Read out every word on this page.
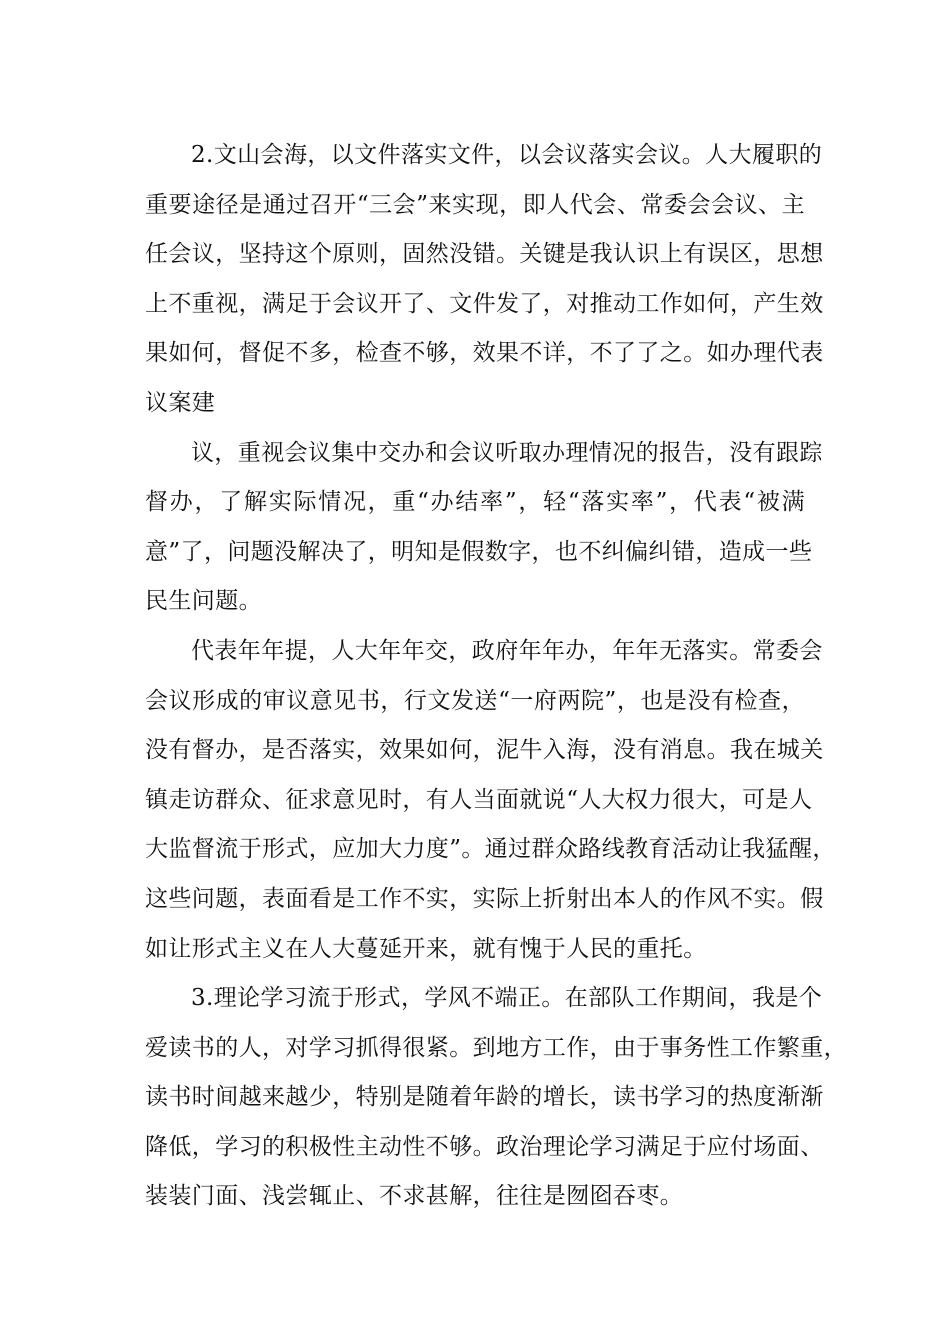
2.文山会海，以文件落实文件，以会议落实会议。人大履职的
重要途径是通过召开“三会”来实现，即人代会、常委会会议、主
任会议，坚持这个原则，固然没错。关键是我认识上有误区，思想
上不重视，满足于会议开了、文件发了，对推动工作如何，产生效
果如何，督促不多，检查不够，效果不详，不了了之。如办理代表
议案建
议，重视会议集中交办和会议听取办理情况的报告，没有跟踪
督办，了解实际情况，重“办结率”，轻“落实率”，代表“被满
意”了，问题没解决了，明知是假数字，也不纠偏纠错，造成一些
民生问题。
代表年年提，人大年年交，政府年年办，年年无落实。常委会
会议形成的审议意见书，行文发送“一府两院”，也是没有检查，
没有督办，是否落实，效果如何，泥牛入海，没有消息。我在城关
镇走访群众、征求意见时，有人当面就说“人大权力很大，可是人
大监督流于形式，应加大力度”。通过群众路线教育活动让我猛醒，
这些问题，表面看是工作不实，实际上折射出本人的作风不实。假
如让形式主义在人大蔓延开来，就有愧于人民的重托。
3.理论学习流于形式，学风不端正。在部队工作期间，我是个
爱读书的人，对学习抓得很紧。到地方工作，由于事务性工作繁重，
读书时间越来越少，特别是随着年龄的增长，读书学习的热度渐渐
降低，学习的积极性主动性不够。政治理论学习满足于应付场面、
装装门面、浅尝辄止、不求甚解，往往是囫囵吞枣。
